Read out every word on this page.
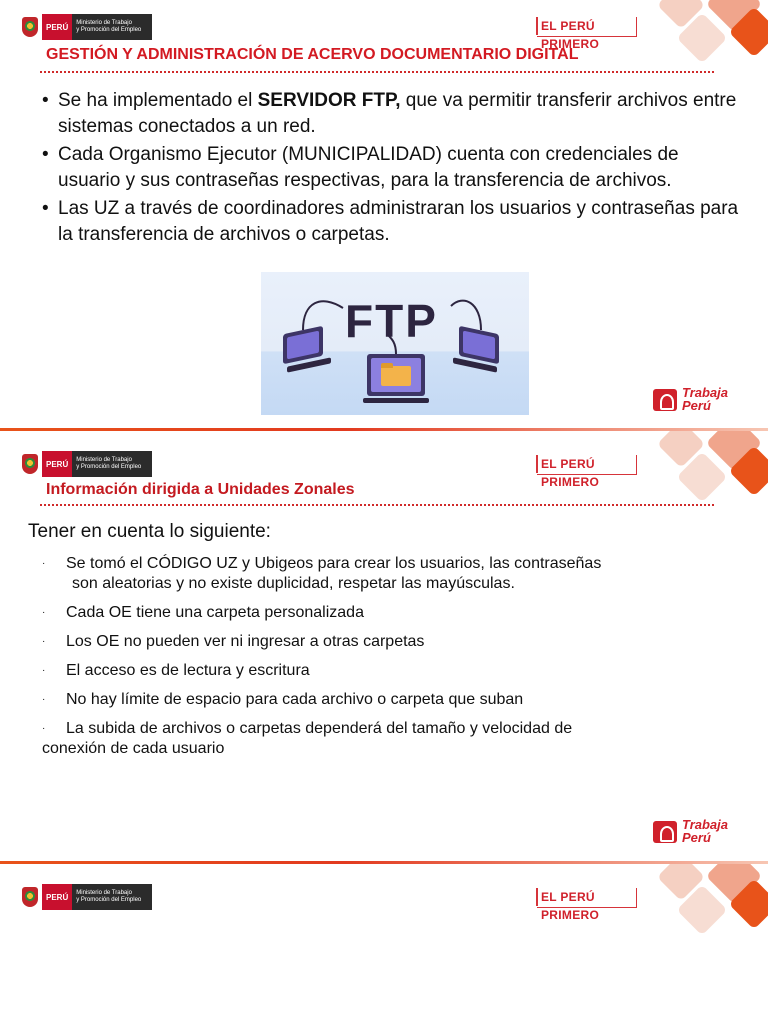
PERÚ	Ministerio de Trabajo
y Promoción del Empleo	EL PERÚ PRIMERO
GESTIÓN Y ADMINISTRACIÓN DE ACERVO DOCUMENTARIO DIGITAL
• Se ha implementado el SERVIDOR FTP, que va permitir transferir archivos entre sistemas conectados a un red.
• Cada Organismo Ejecutor (MUNICIPALIDAD) cuenta con credenciales de usuario y sus contraseñas respectivas, para la transferencia de archivos.
• Las UZ a través de coordinadores administraran los usuarios y contraseñas para la transferencia de archivos o carpetas.
FTP
Trabaja
Perú
PERÚ	Ministerio de Trabajo
y Promoción del Empleo	EL PERÚ PRIMERO
Información dirigida a Unidades Zonales
Tener en cuenta lo siguiente:
· Se tomó el CÓDIGO UZ y Ubigeos para crear los usuarios, las contraseñas
son aleatorias y no existe duplicidad, respetar las mayúsculas.
· Cada OE tiene una carpeta personalizada
· Los OE no pueden ver ni ingresar a otras carpetas
· El acceso es de lectura y escritura
· No hay límite de espacio para cada archivo o carpeta que suban
· La subida de archivos o carpetas dependerá del tamaño y velocidad de
conexión de cada usuario
Trabaja
Perú
PERÚ	Ministerio de Trabajo
y Promoción del Empleo	EL PERÚ PRIMERO
